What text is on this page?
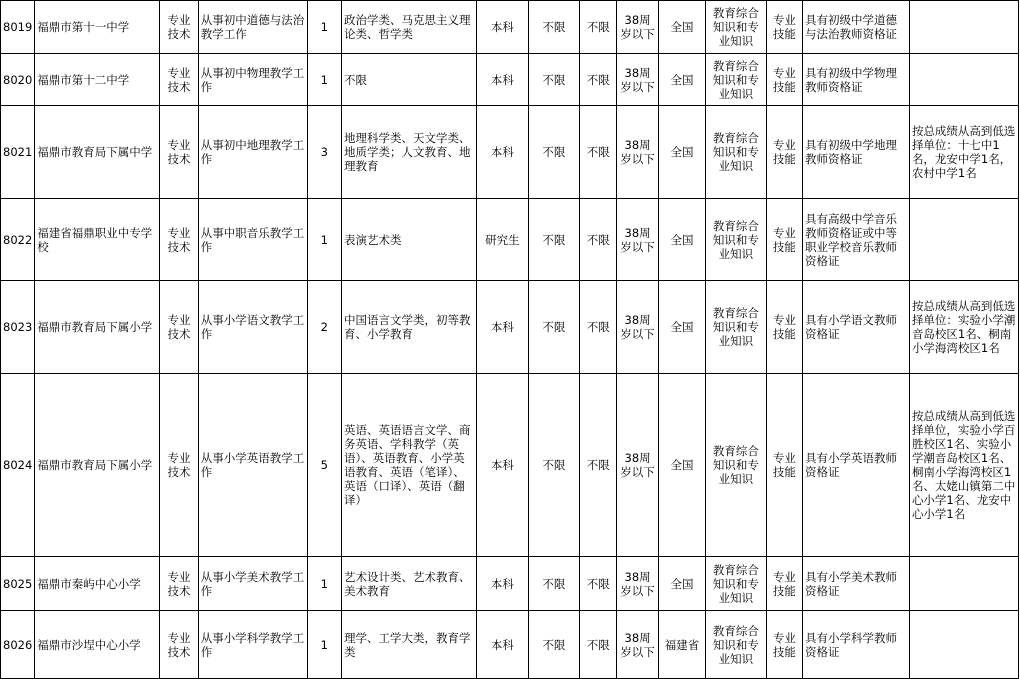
8019	福鼎市第十一中学	专业技术	从事初中道德与法治教学工作	1	政治学类、马克思主义理论类、哲学类	本科	不限	不限	38周岁以下	全国	教育综合知识和专业知识	专业技能	具有初级中学道德与法治教师资格证	
8020	福鼎市第十二中学	专业技术	从事初中物理教学工作	1	不限	本科	不限	不限	38周岁以下	全国	教育综合知识和专业知识	专业技能	具有初级中学物理教师资格证	
8021	福鼎市教育局下属中学	专业技术	从事初中地理教学工作	3	地理科学类、天文学类、地质学类；人文教育、地理教育	本科	不限	不限	38周岁以下	全国	教育综合知识和专业知识	专业技能	具有初级中学地理教师资格证	按总成绩从高到低选择单位：十七中1名，龙安中学1名，农村中学1名
8022	福建省福鼎职业中专学校	专业技术	从事中职音乐教学工作	1	表演艺术类	研究生	不限	不限	38周岁以下	全国	教育综合知识和专业知识	专业技能	具有高级中学音乐教师资格证或中等职业学校音乐教师资格证	
8023	福鼎市教育局下属小学	专业技术	从事小学语文教学工作	2	中国语言文学类，初等教育、小学教育	本科	不限	不限	38周岁以下	全国	教育综合知识和专业知识	专业技能	具有小学语文教师资格证	按总成绩从高到低选择单位：实验小学潮音岛校区1名、桐南小学海湾校区1名
8024	福鼎市教育局下属小学	专业技术	从事小学英语教学工作	5	英语、英语语言文学、商务英语、学科教学（英语）、英语教育、小学英语教育、英语（笔译）、英语（口译）、英语（翻译）	本科	不限	不限	38周岁以下	全国	教育综合知识和专业知识	专业技能	具有小学英语教师资格证	按总成绩从高到低选择单位，实验小学百胜校区1名、实验小学潮音岛校区1名、桐南小学海湾校区1名、太姥山镇第二中心小学1名、龙安中心小学1名
8025	福鼎市秦屿中心小学	专业技术	从事小学美术教学工作	1	艺术设计类、艺术教育、美术教育	本科	不限	不限	38周岁以下	全国	教育综合知识和专业知识	专业技能	具有小学美术教师资格证	
8026	福鼎市沙埕中心小学	专业技术	从事小学科学教学工作	1	理学、工学大类，教育学类	本科	不限	不限	38周岁以下	福建省	教育综合知识和专业知识	专业技能	具有小学科学教师资格证	
